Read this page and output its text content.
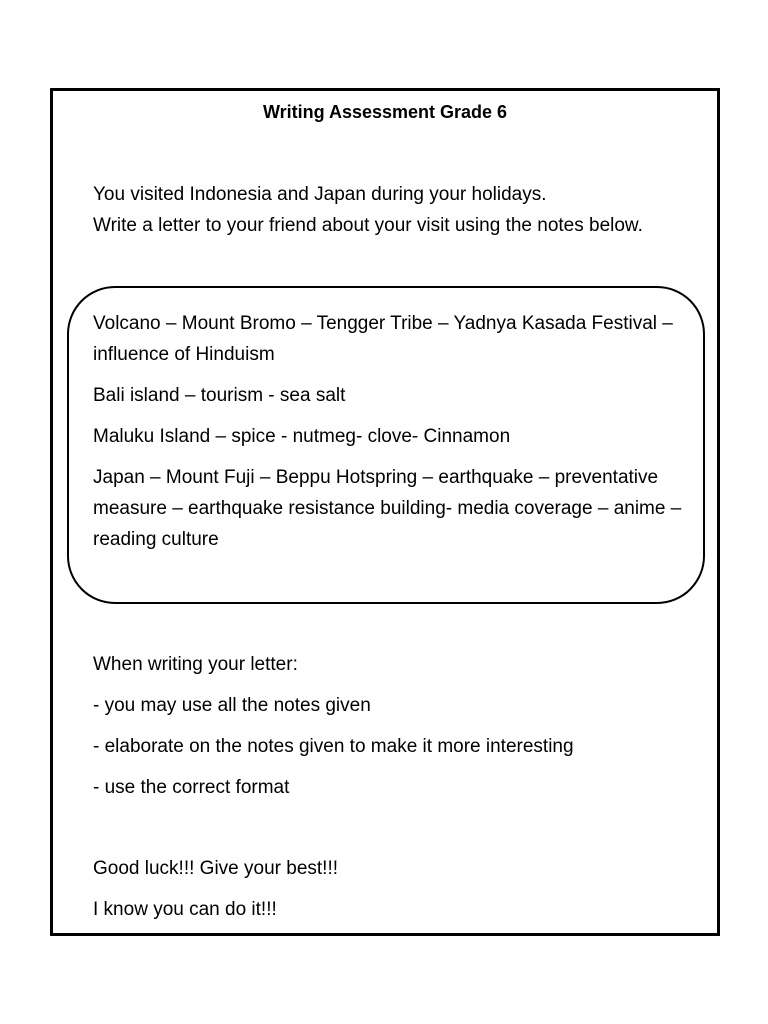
Writing Assessment Grade 6

You visited Indonesia and Japan during your holidays.

Write a letter to your friend about your visit using the notes below.

Volcano – Mount Bromo – Tengger Tribe – Yadnya Kasada Festival – influence of Hinduism
Bali island – tourism - sea salt
Maluku Island – spice - nutmeg- clove- Cinnamon
Japan – Mount Fuji – Beppu Hotspring – earthquake – preventative measure – earthquake resistance building- media coverage – anime – reading culture
When writing your letter:
- you may use all the notes given
- elaborate on the notes given to make it more interesting
- use the correct format

Good luck!!! Give your best!!!

I know you can do it!!!
